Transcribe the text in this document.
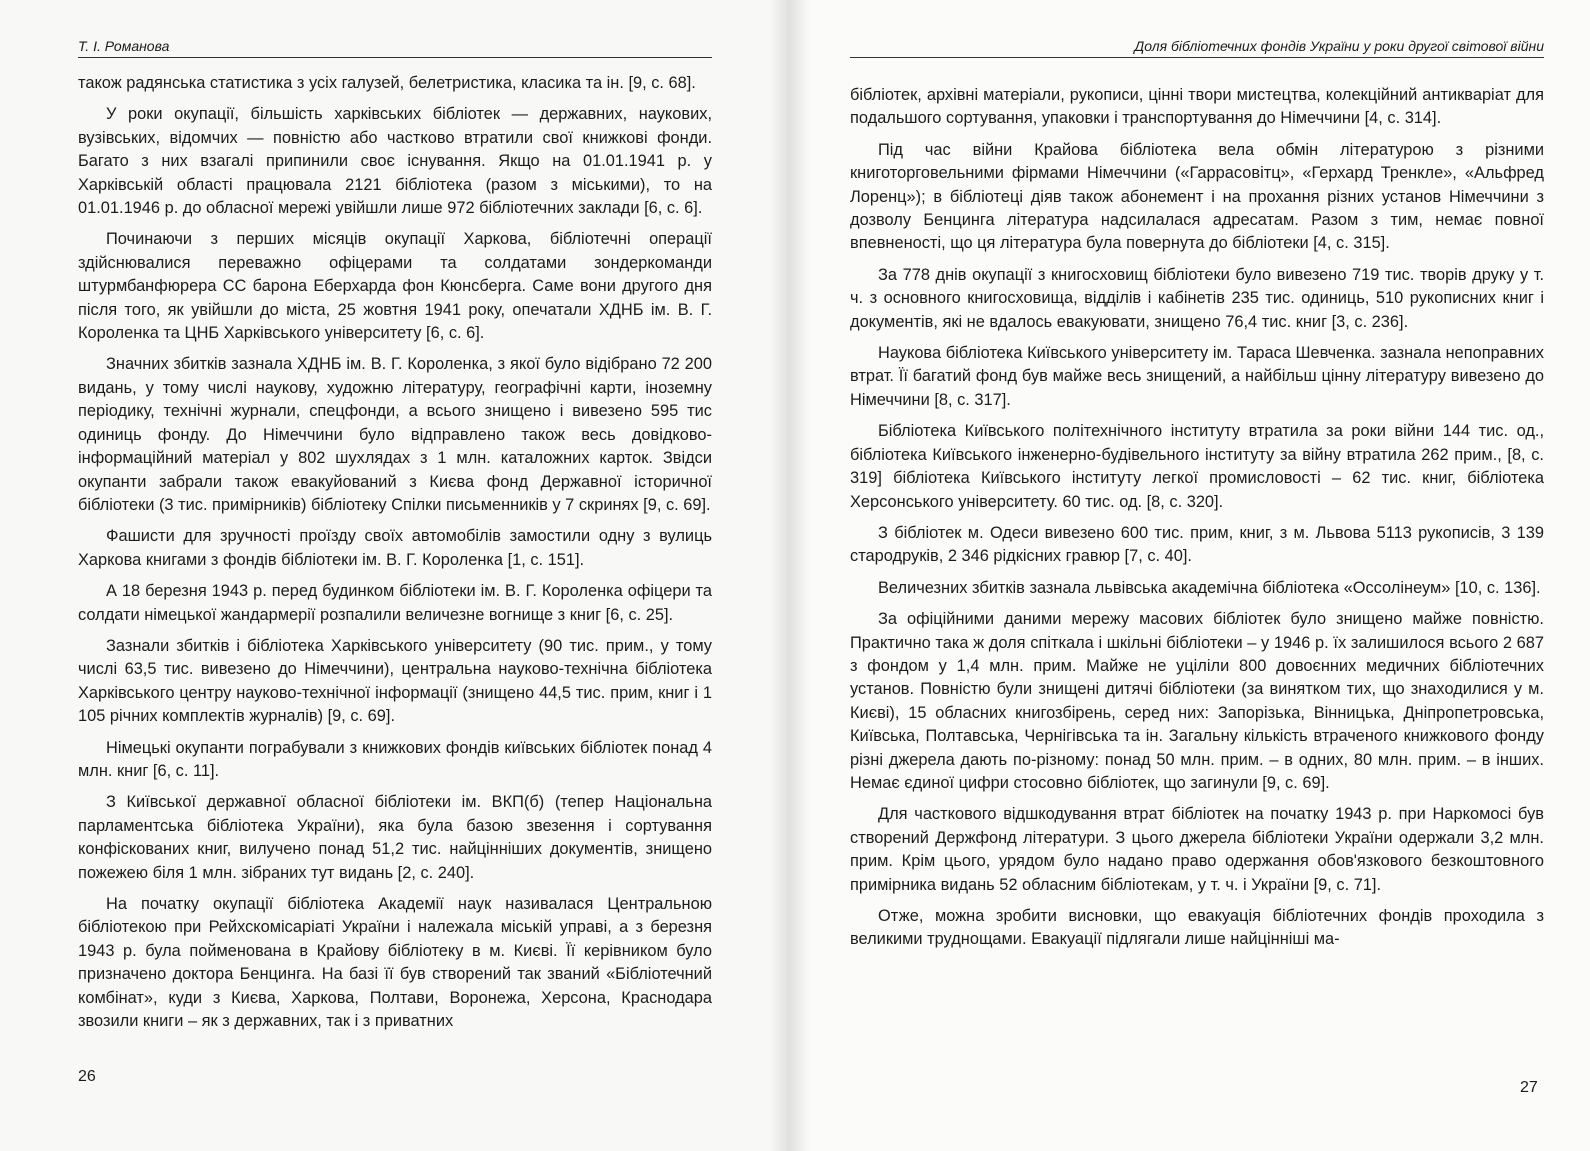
Т. І. Романова

також радянська статистика з усіх галузей, белетристика, класика та ін. [9, с. 68].

У роки окупації, більшість харківських бібліотек — державних, наукових, вузівських, відомчих — повністю або частково втратили свої книжкові фонди. Багато з них взагалі припинили своє існування. Якщо на 01.01.1941 р. у Харківській області працювала 2121 бібліотека (разом з міськими), то на 01.01.1946 р. до обласної мережі увійшли лише 972 бібліотечних заклади [6, с. 6].

Починаючи з перших місяців окупації Харкова, бібліотечні операції здійснювалися переважно офіцерами та солдатами зондеркоманди штурмбанфюрера СС барона Еберхарда фон Кюнсберга. Саме вони другого дня після того, як увійшли до міста, 25 жовтня 1941 року, опечатали ХДНБ ім. В. Г. Короленка та ЦНБ Харківського університету [6, с. 6].

Значних збитків зазнала ХДНБ ім. В. Г. Короленка, з якої було відібрано 72 200 видань, у тому числі наукову, художню літературу, географічні карти, іноземну періодику, технічні журнали, спецфонди, а всього знищено і вивезено 595 тис одиниць фонду. До Німеччини було відправлено також весь довідково-інформаційний матеріал у 802 шухлядах з 1 млн. каталожних карток. Звідси окупанти забрали також евакуйований з Києва фонд Державної історичної бібліотеки (3 тис. примірників) бібліотеку Спілки письменників у 7 скринях [9, с. 69].

Фашисти для зручності проїзду своїх автомобілів замостили одну з вулиць Харкова книгами з фондів бібліотеки ім. В. Г. Короленка [1, с. 151].

А 18 березня 1943 р. перед будинком бібліотеки ім. В. Г. Короленка офіцери та солдати німецької жандармерії розпалили величезне вогнище з книг [6, с. 25].

Зазнали збитків і бібліотека Харківського університету (90 тис. прим., у тому числі 63,5 тис. вивезено до Німеччини), центральна науково-технічна бібліотека Харківського центру науково-технічної інформації (знищено 44,5 тис. прим, книг і 1 105 річних комплектів журналів) [9, с. 69].

Німецькі окупанти пограбували з книжкових фондів київських бібліотек понад 4 млн. книг [6, с. 11].

З Київської державної обласної бібліотеки ім. ВКП(б) (тепер Національна парламентська бібліотека України), яка була базою звезення і сортування конфіскованих книг, вилучено понад 51,2 тис. найцінніших документів, знищено пожежею біля 1 млн. зібраних тут видань [2, с. 240].

На початку окупації бібліотека Академії наук називалася Центральною бібліотекою при Рейхскомісаріаті України і належала міській управі, а з березня 1943 р. була пойменована в Крайову бібліотеку в м. Києві. Її керівником було призначено доктора Бенцинга. На базі її був створений так званий «Бібліотечний комбінат», куди з Києва, Харкова, Полтави, Воронежа, Херсона, Краснодара звозили книги – як з державних, так і з приватних

26
Доля бібліотечних фондів України у роки другої світової війни

бібліотек, архівні матеріали, рукописи, цінні твори мистецтва, колекційний антикваріат для подальшого сортування, упаковки і транспортування до Німеччини [4, с. 314].

Під час війни Крайова бібліотека вела обмін літературою з різними книготорговельними фірмами Німеччини («Гаррасовітц», «Герхард Тренкле», «Альфред Лоренц»); в бібліотеці діяв також абонемент і на прохання різних установ Німеччини з дозволу Бенцинга література надсилалася адресатам. Разом з тим, немає повної впевненості, що ця література була повернута до бібліотеки [4, с. 315].

За 778 днів окупації з книгосховищ бібліотеки було вивезено 719 тис. творів друку у т. ч. з основного книгосховища, відділів і кабінетів 235 тис. одиниць, 510 рукописних книг і документів, які не вдалось евакуювати, знищено 76,4 тис. книг [3, с. 236].

Наукова бібліотека Київського університету ім. Тараса Шевченка. зазнала непоправних втрат. Її багатий фонд був майже весь знищений, а найбільш цінну літературу вивезено до Німеччини [8, с. 317].

Бібліотека Київського політехнічного інституту втратила за роки війни 144 тис. од., бібліотека Київського інженерно-будівельного інституту за війну втратила 262 прим., [8, с. 319] бібліотека Київського інституту легкої промисловості – 62 тис. книг, бібліотека Херсонського університету. 60 тис. од. [8, с. 320].

З бібліотек м. Одеси вивезено 600 тис. прим, книг, з м. Львова 5113 рукописів, 3 139 стародруків, 2 346 рідкісних гравюр [7, с. 40].

Величезних збитків зазнала львівська академічна бібліотека «Оссолінеум» [10, с. 136].

За офіційними даними мережу масових бібліотек було знищено майже повністю. Практично така ж доля спіткала і шкільні бібліотеки – у 1946 р. їх залишилося всього 2 687 з фондом у 1,4 млн. прим. Майже не уціліли 800 довоєнних медичних бібліотечних установ. Повністю були знищені дитячі бібліотеки (за винятком тих, що знаходилися у м. Києві), 15 обласних книгозбірень, серед них: Запорізька, Вінницька, Дніпропетровська, Київська, Полтавська, Чернігівська та ін. Загальну кількість втраченого книжкового фонду різні джерела дають по-різному: понад 50 млн. прим. – в одних, 80 млн. прим. – в інших. Немає єдиної цифри стосовно бібліотек, що загинули [9, с. 69].

Для часткового відшкодування втрат бібліотек на початку 1943 р. при Наркомосі був створений Держфонд літератури. З цього джерела бібліотеки України одержали 3,2 млн. прим. Крім цього, урядом було надано право одержання обов'язкового безкоштовного примірника видань 52 обласним бібліотекам, у т. ч. і України [9, с. 71].

Отже, можна зробити висновки, що евакуація бібліотечних фондів проходила з великими труднощами. Евакуації підлягали лише найцінніші ма-

27
